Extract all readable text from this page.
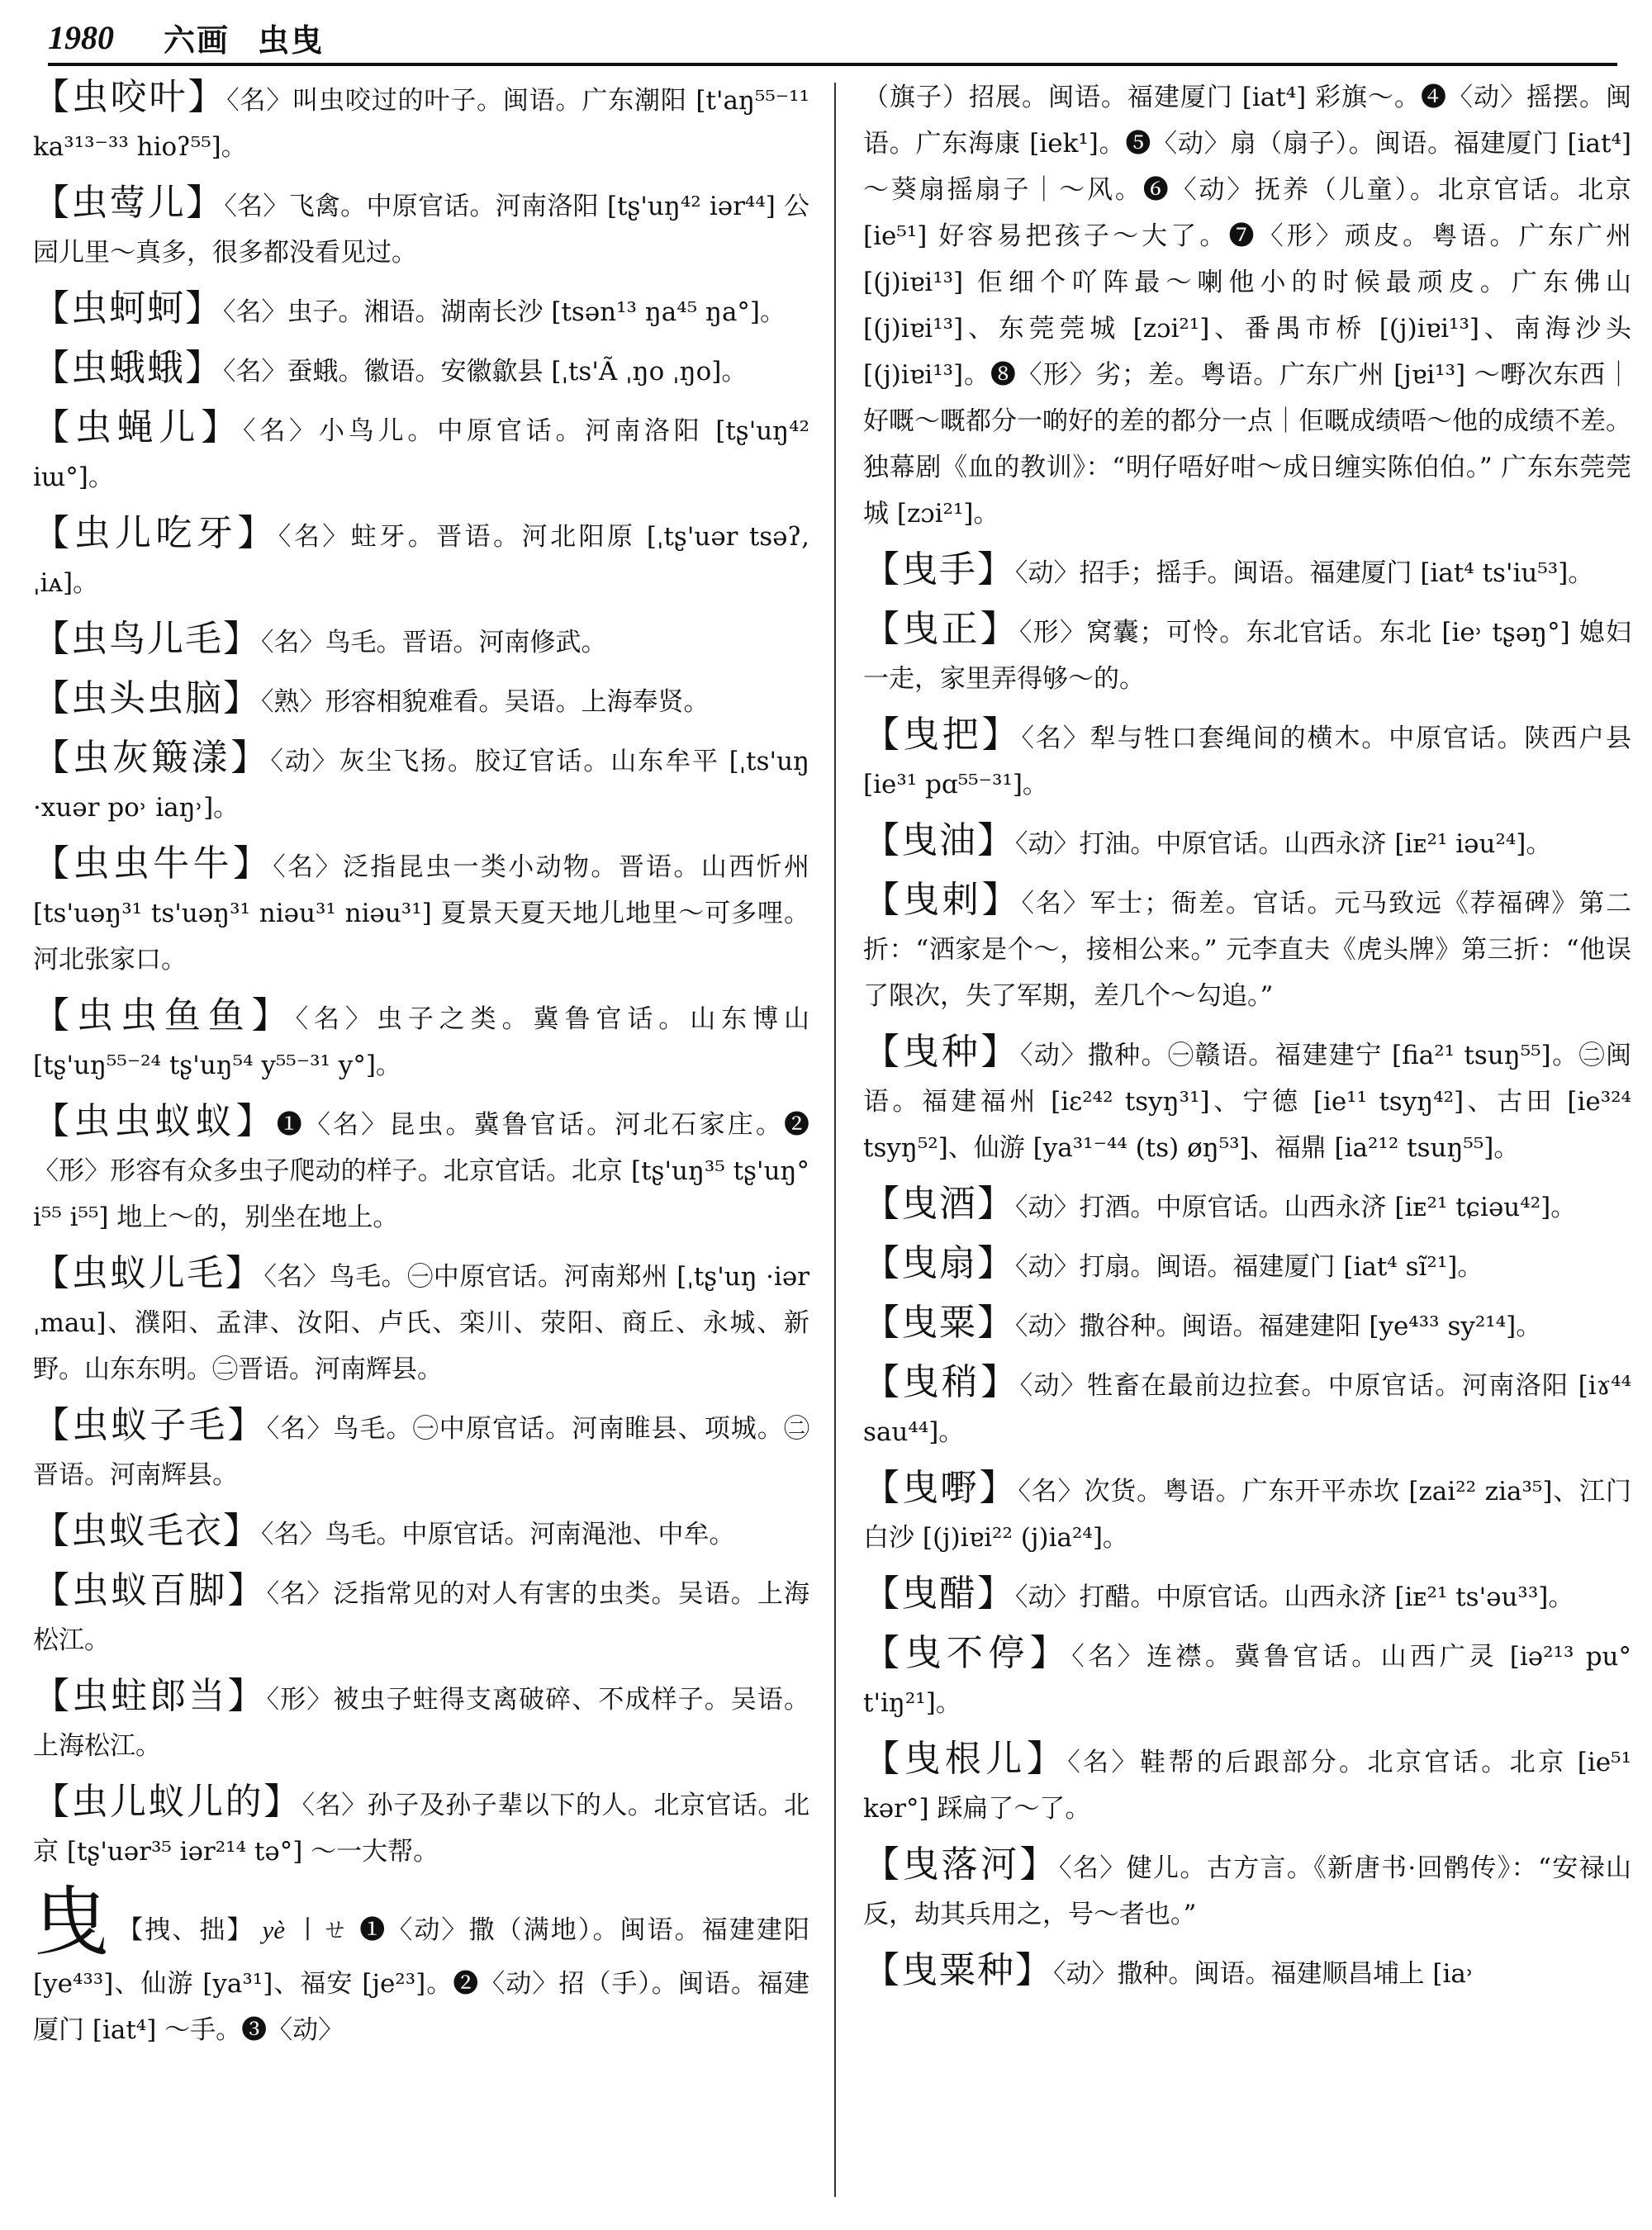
1980 六画 虫曳
【虫咬叶】〈名〉叫虫咬过的叶子。闽语。广东潮阳 [t'aŋ⁵⁵⁻¹¹ ka³¹³⁻³³ hioʔ⁵⁵]。
【虫莺儿】〈名〉飞禽。中原官话。河南洛阳 [tʂ'uŋ⁴² iər⁴⁴] 公园儿里～真多，很多都没看见过。
【虫蚵蚵】〈名〉虫子。湘语。湖南长沙 [tsən¹³ ŋa⁴⁵ ŋa°]。
【虫蛾蛾】〈名〉蚕蛾。徽语。安徽歙县 [ˌts'Ã ˌŋo ˌŋo]。
【虫蝇儿】〈名〉小鸟儿。中原官话。河南洛阳 [tʂ'uŋ⁴² iɯ°]。
【虫儿吃牙】〈名〉蛀牙。晋语。河北阳原 [ˌtʂ'uər tsəʔ, ˌiᴀ]。
【虫鸟儿毛】〈名〉鸟毛。晋语。河南修武。
【虫头虫脑】〈熟〉形容相貌难看。吴语。上海奉贤。
【虫灰簸漾】〈动〉灰尘飞扬。胶辽官话。山东牟平 [ˌts'uŋ ·xuər po˒ iaŋ˒]。
【虫虫牛牛】〈名〉泛指昆虫一类小动物。晋语。山西忻州 [ts'uəŋ³¹ ts'uəŋ³¹ niəu³¹ niəu³¹] 夏景天夏天地儿地里～可多哩。河北张家口。
【虫虫鱼鱼】〈名〉虫子之类。冀鲁官话。山东博山 [tʂ'uŋ⁵⁵⁻²⁴ tʂ'uŋ⁵⁴ y⁵⁵⁻³¹ y°]。
【虫虫蚁蚁】❶〈名〉昆虫。冀鲁官话。河北石家庄。❷〈形〉形容有众多虫子爬动的样子。北京官话。北京 [tʂ'uŋ³⁵ tʂ'uŋ° i⁵⁵ i⁵⁵] 地上～的，别坐在地上。
【虫蚁儿毛】〈名〉鸟毛。㊀中原官话。河南郑州 [ˌtʂ'uŋ ·iər ˌmau]、濮阳、孟津、汝阳、卢氏、栾川、荥阳、商丘、永城、新野。山东东明。㊁晋语。河南辉县。
【虫蚁子毛】〈名〉鸟毛。㊀中原官话。河南睢县、项城。㊁晋语。河南辉县。
【虫蚁毛衣】〈名〉鸟毛。中原官话。河南渑池、中牟。
【虫蚁百脚】〈名〉泛指常见的对人有害的虫类。吴语。上海松江。
【虫蛀郎当】〈形〉被虫子蛀得支离破碎、不成样子。吴语。上海松江。
【虫儿蚁儿的】〈名〉孙子及孙子辈以下的人。北京官话。北京 [tʂ'uər³⁵ iər²¹⁴ tə°] ～一大帮。
曳 【拽、拙】 yè 丨ㄝ ❶〈动〉撒（满地）。闽语。福建建阳 [ye⁴³³]、仙游 [ya³¹]、福安 [je²³]。❷〈动〉招（手）。闽语。福建厦门 [iat⁴] ～手。❸〈动〉
（旗子）招展。闽语。福建厦门 [iat⁴] 彩旗～。❹〈动〉摇摆。闽语。广东海康 [iek¹]。❺〈动〉扇（扇子）。闽语。福建厦门 [iat⁴] ～葵扇摇扇子｜～风。❻〈动〉抚养（儿童）。北京官话。北京 [ie⁵¹] 好容易把孩子～大了。❼〈形〉顽皮。粤语。广东广州 [(j)iɐi¹³] 佢细个吖阵最～喇他小的时候最顽皮。广东佛山 [(j)iɐi¹³]、东莞莞城 [zɔi²¹]、番禺市桥 [(j)iɐi¹³]、南海沙头 [(j)iɐi¹³]。❽〈形〉劣；差。粤语。广东广州 [jɐi¹³] ～嘢次东西｜好嘅～嘅都分一啲好的差的都分一点｜佢嘅成绩唔～他的成绩不差。独幕剧《血的教训》：“明仔唔好咁～成日缠实陈伯伯。” 广东东莞莞城 [zɔi²¹]。
【曳手】〈动〉招手；摇手。闽语。福建厦门 [iat⁴ ts'iu⁵³]。
【曳正】〈形〉窝囊；可怜。东北官话。东北 [ie˒ tʂəŋ°] 媳妇一走，家里弄得够～的。
【曳把】〈名〉犁与牲口套绳间的横木。中原官话。陕西户县 [ie³¹ pɑ⁵⁵⁻³¹]。
【曳油】〈动〉打油。中原官话。山西永济 [iᴇ²¹ iəu²⁴]。
【曳剌】〈名〉军士；衙差。官话。元马致远《荐福碑》第二折：“洒家是个～，接相公来。” 元李直夫《虎头牌》第三折：“他误了限次，失了军期，差几个～勾追。”
【曳种】〈动〉撒种。㊀赣语。福建建宁 [fia²¹ tsuŋ⁵⁵]。㊁闽语。福建福州 [iɛ²⁴² tsyŋ³¹]、宁德 [ie¹¹ tsyŋ⁴²]、古田 [ie³²⁴ tsyŋ⁵²]、仙游 [ya³¹⁻⁴⁴ (ts) øŋ⁵³]、福鼎 [ia²¹² tsuŋ⁵⁵]。
【曳酒】〈动〉打酒。中原官话。山西永济 [iᴇ²¹ tɕiəu⁴²]。
【曳扇】〈动〉打扇。闽语。福建厦门 [iat⁴ sĩ²¹]。
【曳粟】〈动〉撒谷种。闽语。福建建阳 [ye⁴³³ sy²¹⁴]。
【曳稍】〈动〉牲畜在最前边拉套。中原官话。河南洛阳 [iɤ⁴⁴ sau⁴⁴]。
【曳嘢】〈名〉次货。粤语。广东开平赤坎 [zai²² zia³⁵]、江门白沙 [(j)iɐi²² (j)ia²⁴]。
【曳醋】〈动〉打醋。中原官话。山西永济 [iᴇ²¹ ts'əu³³]。
【曳不停】〈名〉连襟。冀鲁官话。山西广灵 [iə²¹³ pu° t'iŋ²¹]。
【曳根儿】〈名〉鞋帮的后跟部分。北京官话。北京 [ie⁵¹ kər°] 踩扁了～了。
【曳落河】〈名〉健儿。古方言。《新唐书·回鹘传》：“安禄山反，劫其兵用之，号～者也。”
【曳粟种】〈动〉撒种。闽语。福建顺昌埔上 [ia˒
